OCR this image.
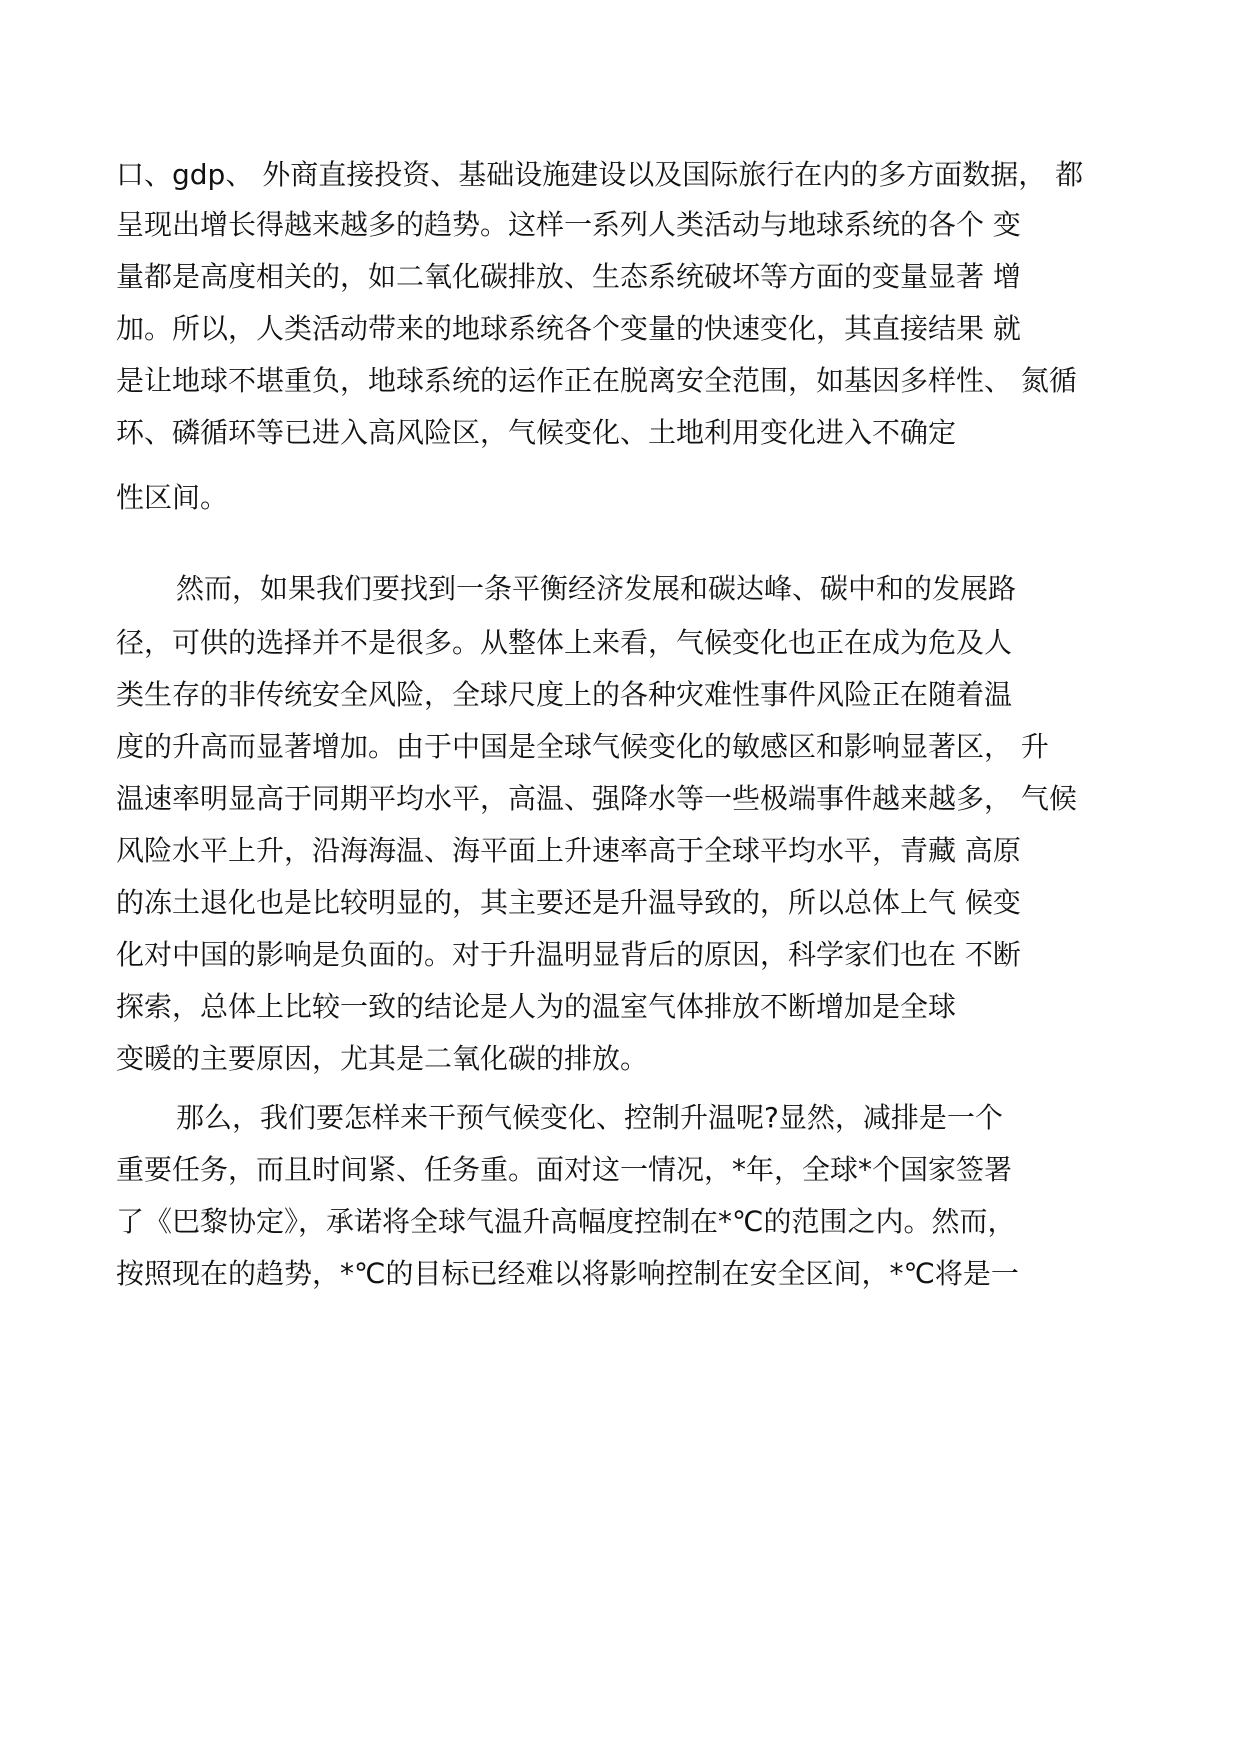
口、gdp、 外商直接投资、基础设施建设以及国际旅行在内的多方面数据， 都

呈现出增长得越来越多的趋势。这样一系列人类活动与地球系统的各个 变

量都是高度相关的，如二氧化碳排放、生态系统破坏等方面的变量显著 增

加。所以，人类活动带来的地球系统各个变量的快速变化，其直接结果 就

是让地球不堪重负，地球系统的运作正在脱离安全范围，如基因多样性、 氮循

环、磷循环等已进入高风险区，气候变化、土地利用变化进入不确定

性区间。

然而，如果我们要找到一条平衡经济发展和碳达峰、碳中和的发展路

径，可供的选择并不是很多。从整体上来看，气候变化也正在成为危及人

类生存的非传统安全风险，全球尺度上的各种灾难性事件风险正在随着温

度的升高而显著增加。由于中国是全球气候变化的敏感区和影响显著区， 升

温速率明显高于同期平均水平，高温、强降水等一些极端事件越来越多， 气候

风险水平上升，沿海海温、海平面上升速率高于全球平均水平，青藏 高原

的冻土退化也是比较明显的，其主要还是升温导致的，所以总体上气 候变

化对中国的影响是负面的。对于升温明显背后的原因，科学家们也在 不断

探索，总体上比较一致的结论是人为的温室气体排放不断增加是全球

变暖的主要原因，尤其是二氧化碳的排放。

那么，我们要怎样来干预气候变化、控制升温呢?显然，减排是一个

重要任务，而且时间紧、任务重。面对这一情况，*年，全球*个国家签署

了《巴黎协定》，承诺将全球气温升高幅度控制在*℃的范围之内。然而，

按照现在的趋势，*℃的目标已经难以将影响控制在安全区间，*℃将是一
